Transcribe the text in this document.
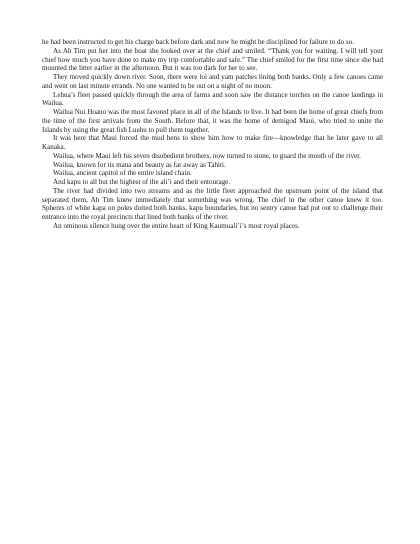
he had been instructed to get his charge back before dark and now he might be disciplined for failure to do so.

As Ah Tim put her into the boat she looked over at the chief and smiled. “Thank you for waiting. I will tell your chief how much you have done to make my trip comfortable and safe.” The chief smiled for the first time since she had mounted the litter earlier in the afternoon. But it was too dark for her to see.

They moved quickly down river. Soon, there were loi and yam patches lining both banks. Only a few canoes came and went on last minute errands. No one wanted to be out on a night of no moon.

Lehua’s fleet passed quickly through the area of farms and soon saw the distance torches on the canoe landings in Wailua.

Wailua Nui Hoano was the most favored place in all of the Islands to live. It had been the home of great chiefs from the time of the first arrivals from the South. Before that, it was the home of demigod Maui, who tried to unite the Islands by using the great fish Luehu to pull them together.

It was here that Maui forced the mud hens to show him how to make fire—knowledge that he later gave to all Kanaka.

Wailua, where Maui left his seven disobedient brothers, now turned to stone, to guard the mouth of the river.

Wailua, known for its mana and beauty as far away as Tahiti.

Wailua, ancient capitol of the entire island chain.

And kapu to all but the highest of the ali’i and their entourage.

The river had divided into two streams and as the little fleet approached the upstream point of the island that separated them, Ah Tim knew immediately that something was wrong. The chief in the other canoe knew it too. Spheres of white kapa on poles dotted both banks, kapu boundaries, but no sentry canoe had put out to challenge their entrance into the royal precincts that lined both banks of the river.

An ominous silence hung over the entire heart of King Kaumuali’i’s most royal places.
